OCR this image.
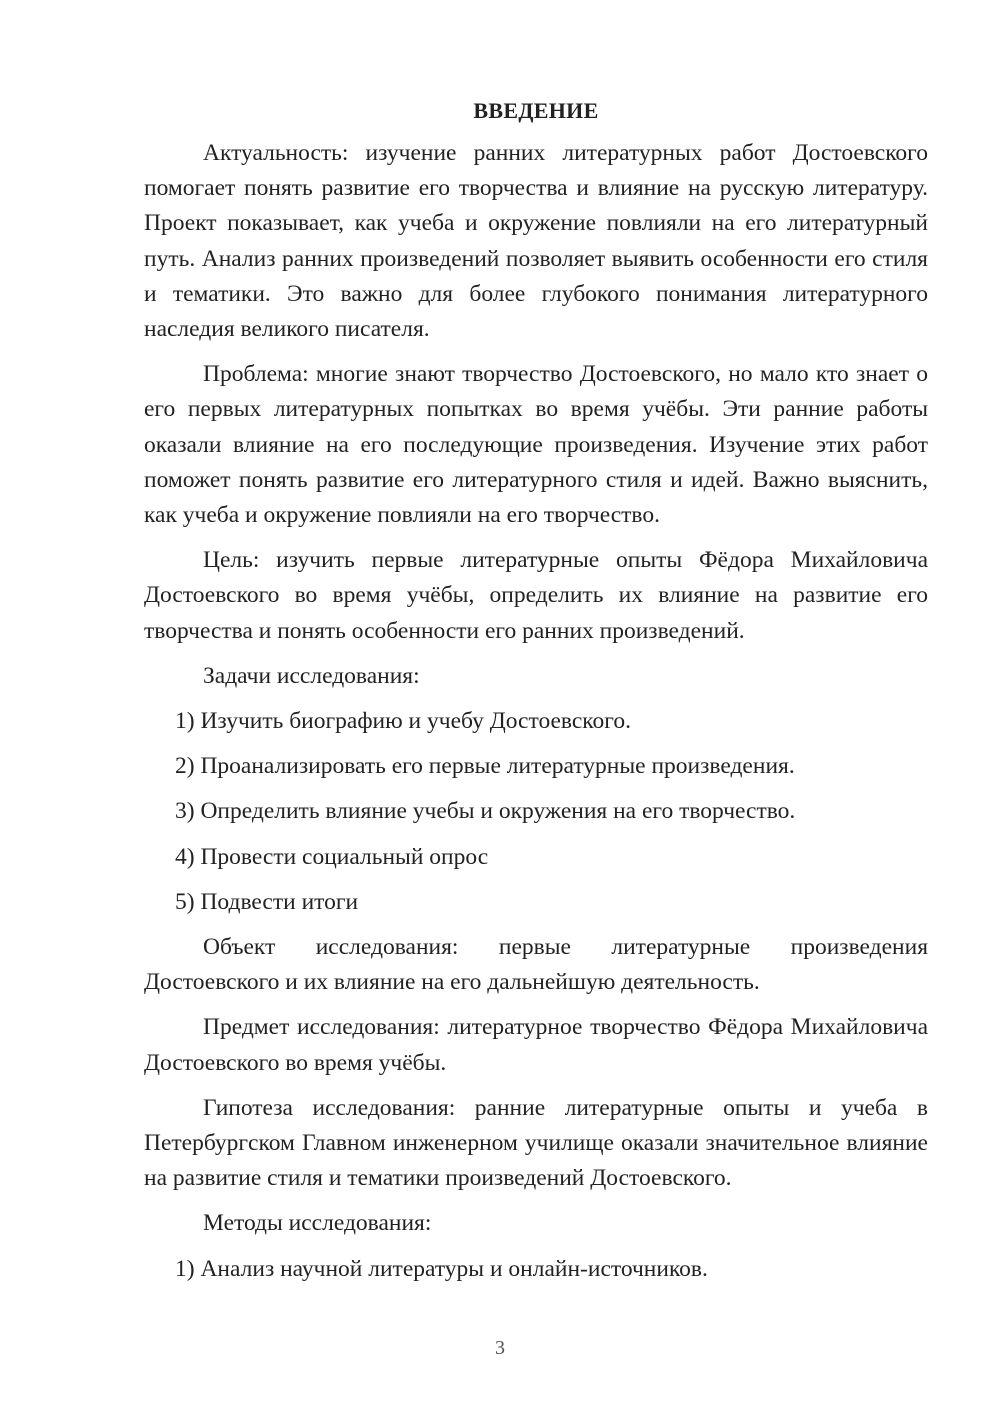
ВВЕДЕНИЕ

Актуальность: изучение ранних литературных работ Достоевского помогает понять развитие его творчества и влияние на русскую литературу. Проект показывает, как учеба и окружение повлияли на его литературный путь. Анализ ранних произведений позволяет выявить особенности его стиля и тематики. Это важно для более глубокого понимания литературного наследия великого писателя.

Проблема: многие знают творчество Достоевского, но мало кто знает о его первых литературных попытках во время учёбы. Эти ранние работы оказали влияние на его последующие произведения. Изучение этих работ поможет понять развитие его литературного стиля и идей. Важно выяснить, как учеба и окружение повлияли на его творчество.

Цель: изучить первые литературные опыты Фёдора Михайловича Достоевского во время учёбы, определить их влияние на развитие его творчества и понять особенности его ранних произведений.

Задачи исследования:

1) Изучить биографию и учебу Достоевского.
2) Проанализировать его первые литературные произведения.
3) Определить влияние учебы и окружения на его творчество.
4) Провести социальный опрос
5) Подвести итоги

Объект исследования: первые литературные произведения Достоевского и их влияние на его дальнейшую деятельность.

Предмет исследования: литературное творчество Фёдора Михайловича Достоевского во время учёбы.

Гипотеза исследования: ранние литературные опыты и учеба в Петербургском Главном инженерном училище оказали значительное влияние на развитие стиля и тематики произведений Достоевского.

Методы исследования:

1) Анализ научной литературы и онлайн-источников.
3
